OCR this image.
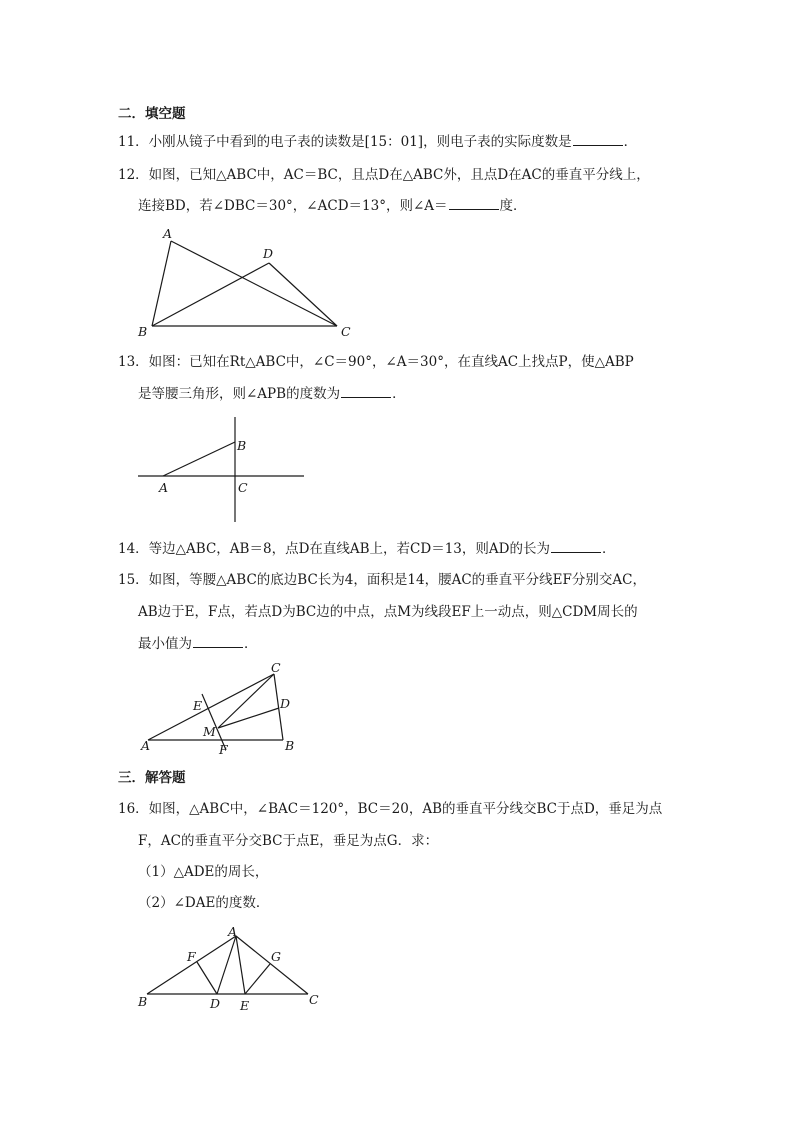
二．填空题
11．小刚从镜子中看到的电子表的读数是[15：01]，则电子表的实际度数是	．
12．如图，已知△ABC中，AC＝BC，且点D在△ABC外，且点D在AC的垂直平分线上，
连接BD，若∠DBC＝30°，∠ACD＝13°，则∠A＝	度．
A
B	C
D
13．如图：已知在Rt△ABC中，∠C＝90°，∠A＝30°，在直线AC上找点P，使△ABP
是等腰三角形，则∠APB的度数为	．
A
B
C
14．等边△ABC，AB＝8，点D在直线AB上，若CD＝13，则AD的长为	．
15．如图，等腰△ABC的底边BC长为4，面积是14，腰AC的垂直平分线EF分别交AC，
AB边于E，F点，若点D为BC边的中点，点M为线段EF上一动点，则△CDM周长的
最小值为	．
A	B
C
D
E
F
M
三．解答题
16．如图，△ABC中，∠BAC＝120°，BC＝20，AB的垂直平分线交BC于点D，垂足为点
F，AC的垂直平分交BC于点E，垂足为点G．求：
（1）△ADE的周长，
（2）∠DAE的度数．
A
B	C
D E
F	G
